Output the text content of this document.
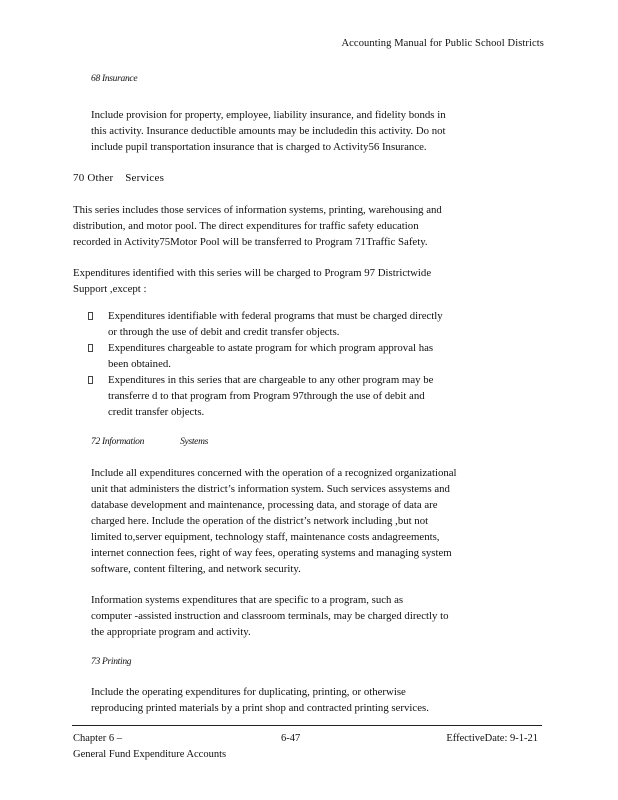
Accounting Manual for Public School Districts
68 Insurance
Include provision for property, employee, liability insurance, and fidelity bonds in
this activity. Insurance deductible amounts may be includedin this activity. Do not
include pupil transportation insurance that is charged to Activity56 Insurance.
70 Other    Services
This series includes those services of information systems, printing, warehousing and
distribution, and motor pool. The direct expenditures for traffic safety education
recorded in Activity75Motor Pool will be transferred to Program 71Traffic Safety.
Expenditures identified with this series will be charged to Program 97 Districtwide
Support ,except :
Expenditures identifiable with federal programs that must be charged directly
or through the use of debit and credit transfer objects.
Expenditures chargeable to astate program for which program approval has
been obtained.
Expenditures in this series that are chargeable to any other program may be
transferre d to that program from Program 97through the use of debit and
credit transfer objects.
72 Information	Systems
Include all expenditures concerned with the operation of a recognized organizational
unit that administers the district’s information system. Such services assystems and
database development and maintenance, processing data, and storage of data are
charged here. Include the operation of the district’s network including ,but not
limited to,server equipment, technology staff, maintenance costs andagreements,
internet connection fees, right of way fees, operating systems and managing system
software, content filtering, and network security.
Information systems expenditures that are specific to a program, such as
computer -assisted instruction and classroom terminals, may be charged directly to
the appropriate program and activity.
73 Printing
Include the operating expenditures for duplicating, printing, or otherwise
reproducing printed materials by a print shop and contracted printing services.
Chapter 6 –
General Fund Expenditure Accounts
6-47	EffectiveDate: 9-1-21
